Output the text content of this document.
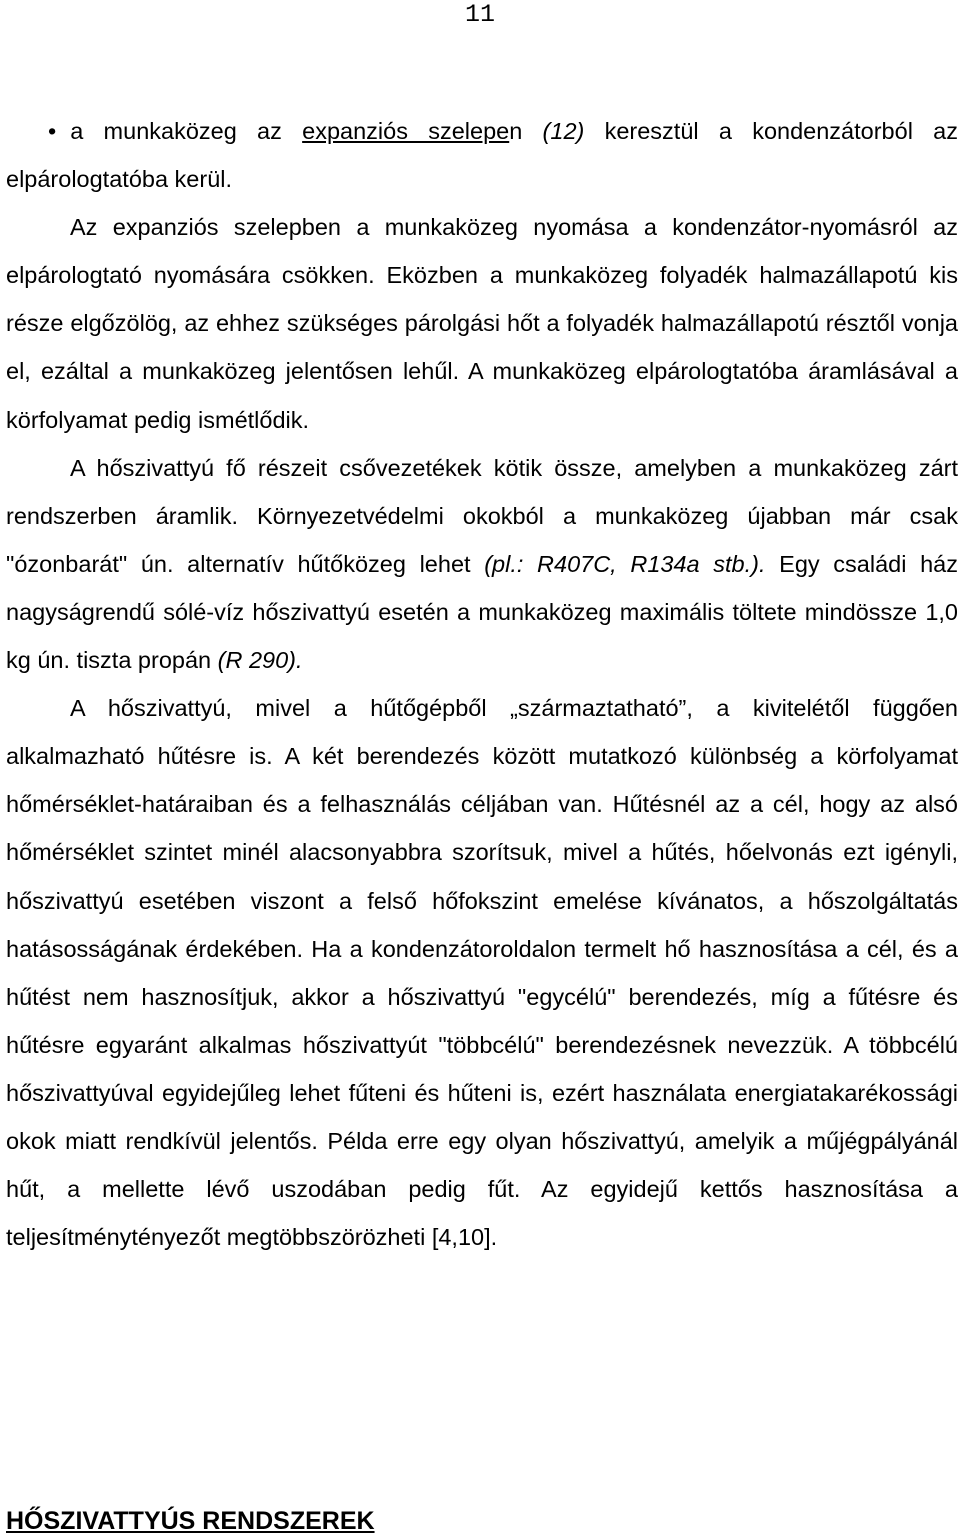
11

• a munkaközeg az expanziós szelepen (12) keresztül a kondenzátorból az elpárologtatóba kerül.

Az expanziós szelepben a munkaközeg nyomása a kondenzátor-nyomásról az elpárologtató nyomására csökken. Eközben a munkaközeg folyadék halmazállapotú kis része elgőzölög, az ehhez szükséges párolgási hőt a folyadék halmazállapotú résztől vonja el, ezáltal a munkaközeg jelentősen lehűl. A munkaközeg elpárologtatóba áramlásával a körfolyamat pedig ismétlődik.

A hőszivattyú fő részeit csővezetékek kötik össze, amelyben a munkaközeg zárt rendszerben áramlik. Környezetvédelmi okokból a munkaközeg újabban már csak "ózonbarát" ún. alternatív hűtőközeg lehet (pl.: R407C, R134a stb.). Egy családi ház nagyságrendű sólé-víz hőszivattyú esetén a munkaközeg maximális töltete mindössze 1,0 kg ún. tiszta propán (R 290).

A hőszivattyú, mivel a hűtőgépből „származtatható”, a kivitelétől függően alkalmazható hűtésre is. A két berendezés között mutatkozó különbség a körfolyamat hőmérséklet-határaiban és a felhasználás céljában van. Hűtésnél az a cél, hogy az alsó hőmérséklet szintet minél alacsonyabbra szorítsuk, mivel a hűtés, hőelvonás ezt igényli, hőszivattyú esetében viszont a felső hőfokszint emelése kívánatos, a hőszolgáltatás hatásosságának érdekében. Ha a kondenzátoroldalon termelt hő hasznosítása a cél, és a hűtést nem hasznosítjuk, akkor a hőszivattyú "egycélú" berendezés, míg a fűtésre és hűtésre egyaránt alkalmas hőszivattyút "többcélú" berendezésnek nevezzük. A többcélú hőszivattyúval egyidejűleg lehet fűteni és hűteni is, ezért használata energiatakarékossági okok miatt rendkívül jelentős. Példa erre egy olyan hőszivattyú, amelyik a műjégpályánál hűt, a mellette lévő uszodában pedig fűt. Az egyidejű kettős hasznosítása a teljesítménytényezőt megtöbbszörözheti [4,10].

HŐSZIVATTYÚS RENDSZEREK
